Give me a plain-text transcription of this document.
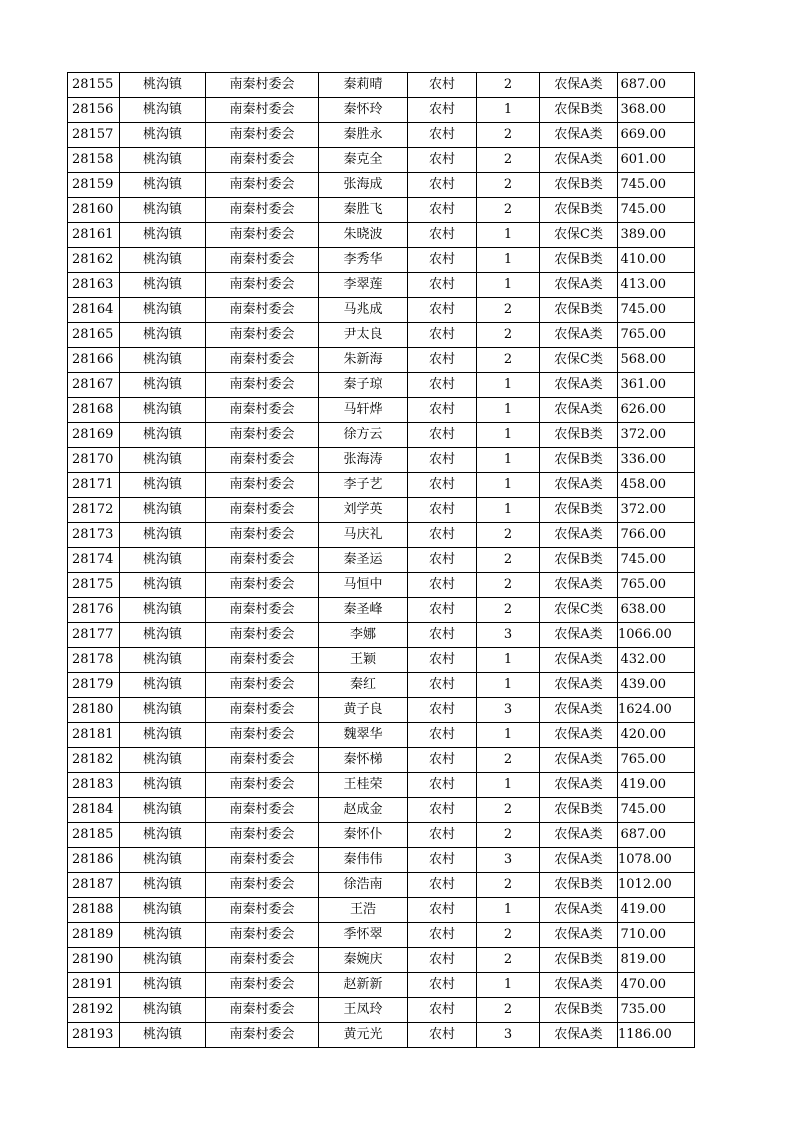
28155	桃沟镇	南秦村委会	秦莉晴	农村	2	农保A类	687.00
28156	桃沟镇	南秦村委会	秦怀玲	农村	1	农保B类	368.00
28157	桃沟镇	南秦村委会	秦胜永	农村	2	农保A类	669.00
28158	桃沟镇	南秦村委会	秦克全	农村	2	农保A类	601.00
28159	桃沟镇	南秦村委会	张海成	农村	2	农保B类	745.00
28160	桃沟镇	南秦村委会	秦胜飞	农村	2	农保B类	745.00
28161	桃沟镇	南秦村委会	朱晓波	农村	1	农保C类	389.00
28162	桃沟镇	南秦村委会	李秀华	农村	1	农保B类	410.00
28163	桃沟镇	南秦村委会	李翠莲	农村	1	农保A类	413.00
28164	桃沟镇	南秦村委会	马兆成	农村	2	农保B类	745.00
28165	桃沟镇	南秦村委会	尹太良	农村	2	农保A类	765.00
28166	桃沟镇	南秦村委会	朱新海	农村	2	农保C类	568.00
28167	桃沟镇	南秦村委会	秦子琼	农村	1	农保A类	361.00
28168	桃沟镇	南秦村委会	马轩烨	农村	1	农保A类	626.00
28169	桃沟镇	南秦村委会	徐方云	农村	1	农保B类	372.00
28170	桃沟镇	南秦村委会	张海涛	农村	1	农保B类	336.00
28171	桃沟镇	南秦村委会	李子艺	农村	1	农保A类	458.00
28172	桃沟镇	南秦村委会	刘学英	农村	1	农保B类	372.00
28173	桃沟镇	南秦村委会	马庆礼	农村	2	农保A类	766.00
28174	桃沟镇	南秦村委会	秦圣运	农村	2	农保B类	745.00
28175	桃沟镇	南秦村委会	马恒中	农村	2	农保A类	765.00
28176	桃沟镇	南秦村委会	秦圣峰	农村	2	农保C类	638.00
28177	桃沟镇	南秦村委会	李娜	农村	3	农保A类	1066.00
28178	桃沟镇	南秦村委会	王颖	农村	1	农保A类	432.00
28179	桃沟镇	南秦村委会	秦红	农村	1	农保A类	439.00
28180	桃沟镇	南秦村委会	黄子良	农村	3	农保A类	1624.00
28181	桃沟镇	南秦村委会	魏翠华	农村	1	农保A类	420.00
28182	桃沟镇	南秦村委会	秦怀梯	农村	2	农保A类	765.00
28183	桃沟镇	南秦村委会	王桂荣	农村	1	农保A类	419.00
28184	桃沟镇	南秦村委会	赵成金	农村	2	农保B类	745.00
28185	桃沟镇	南秦村委会	秦怀仆	农村	2	农保A类	687.00
28186	桃沟镇	南秦村委会	秦伟伟	农村	3	农保A类	1078.00
28187	桃沟镇	南秦村委会	徐浩南	农村	2	农保B类	1012.00
28188	桃沟镇	南秦村委会	王浩	农村	1	农保A类	419.00
28189	桃沟镇	南秦村委会	季怀翠	农村	2	农保A类	710.00
28190	桃沟镇	南秦村委会	秦婉庆	农村	2	农保B类	819.00
28191	桃沟镇	南秦村委会	赵新新	农村	1	农保A类	470.00
28192	桃沟镇	南秦村委会	王凤玲	农村	2	农保B类	735.00
28193	桃沟镇	南秦村委会	黄元光	农村	3	农保A类	1186.00
